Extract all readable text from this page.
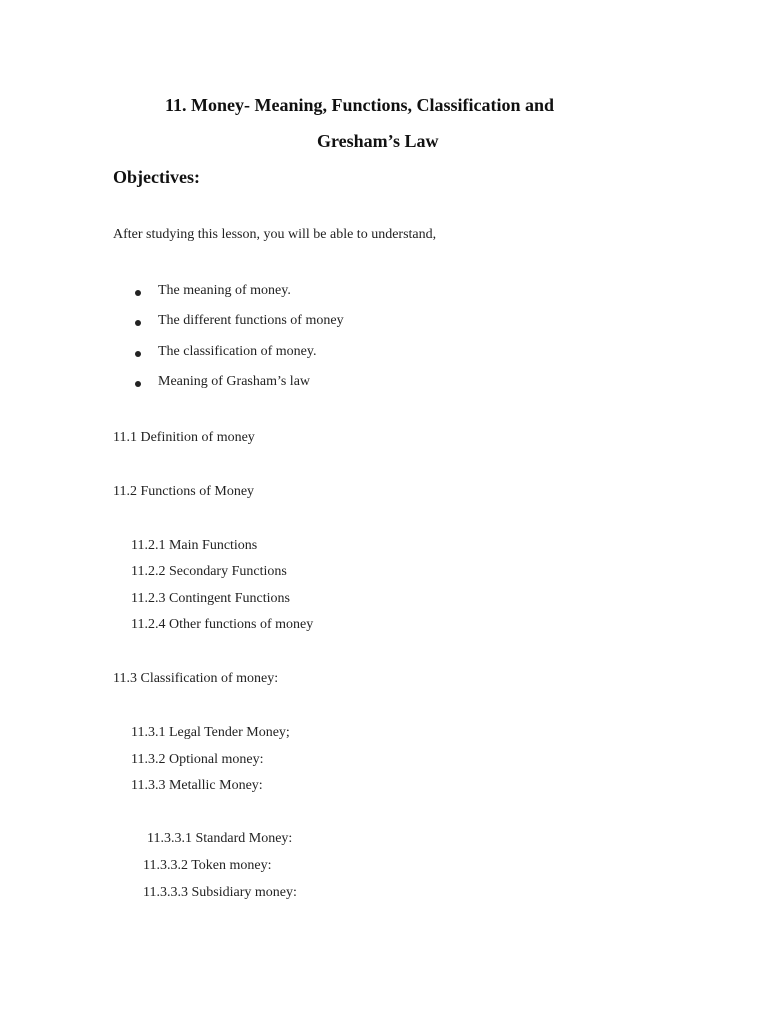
11. Money- Meaning, Functions, Classification and
Gresham’s Law
Objectives:
After studying this lesson, you will be able to understand,
The meaning of money.
The different functions of money
The classification of money.
Meaning of Grasham’s law
11.1 Definition of money
11.2 Functions of Money
11.2.1 Main Functions
11.2.2 Secondary Functions
11.2.3 Contingent Functions
11.2.4 Other functions of money
11.3 Classification of money:
11.3.1 Legal Tender Money;
11.3.2 Optional money:
11.3.3 Metallic Money:
11.3.3.1 Standard Money:
11.3.3.2 Token money:
11.3.3.3 Subsidiary money:
